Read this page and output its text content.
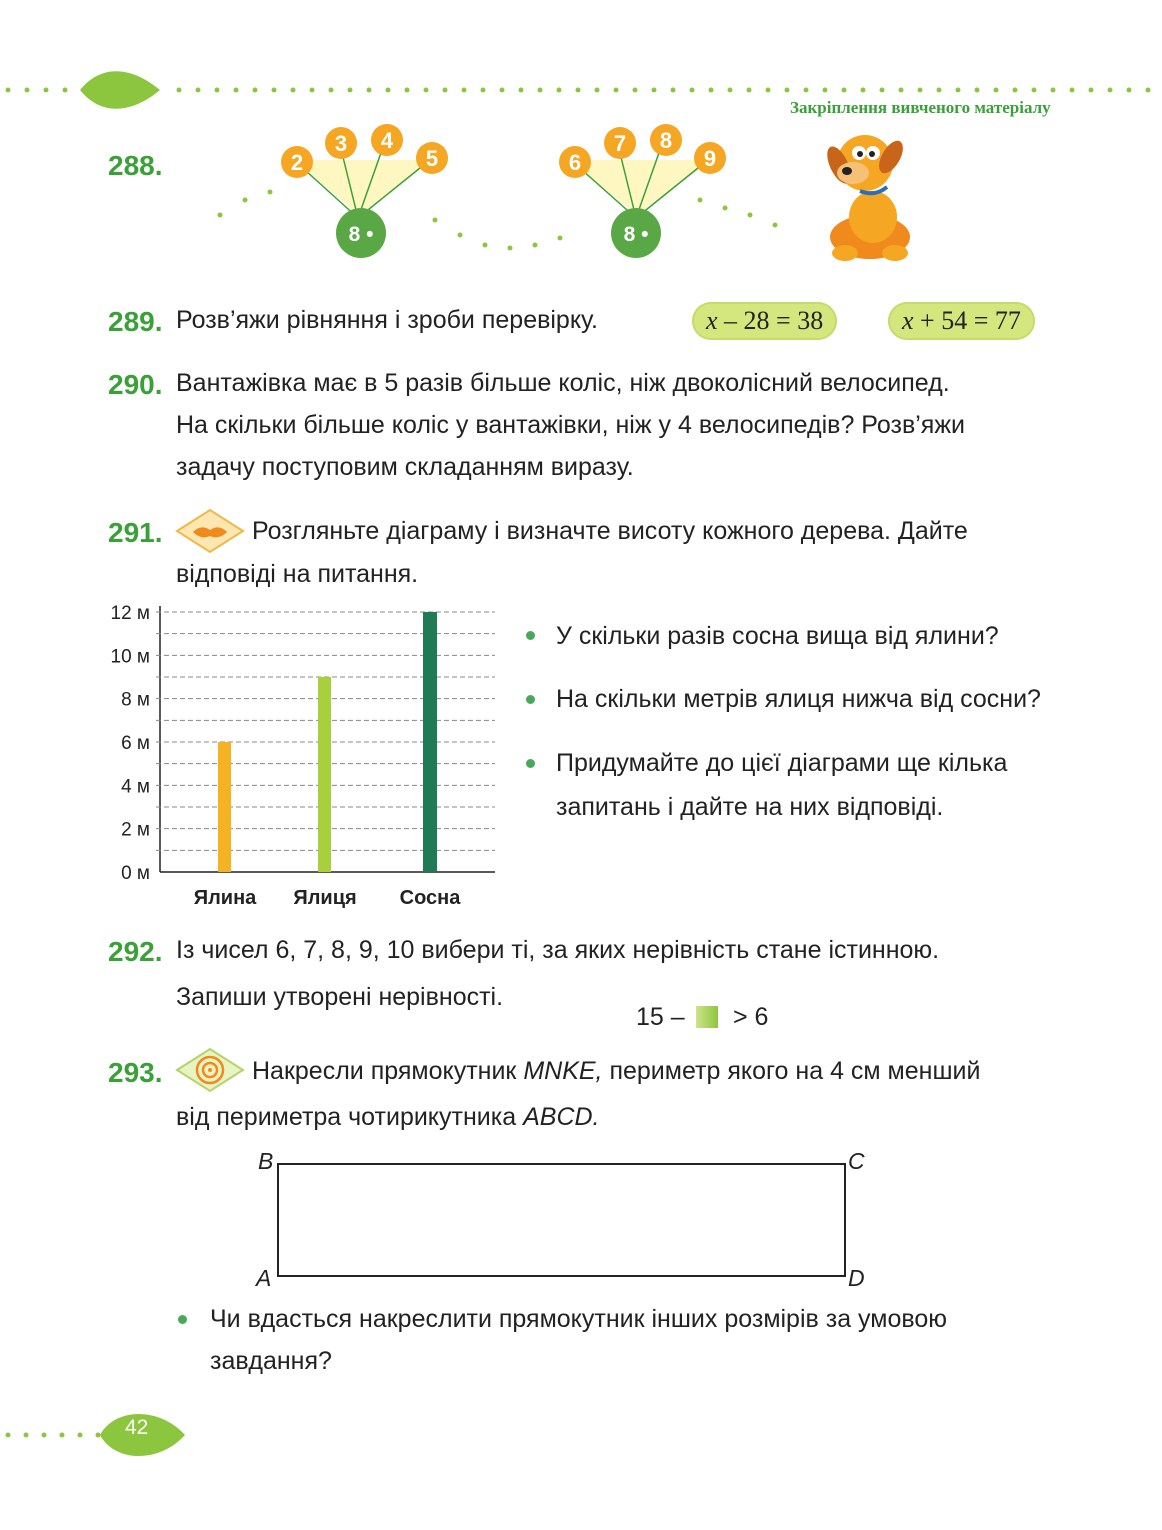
Закріплення вивченого матеріалу
288.	2
3 4
5
8 •
6
7 8
9
8 •
289. Розв’яжи рівняння і зроби перевірку.	x – 28 = 38	x + 54 = 77
290. Вантажівка має в 5 разів більше коліс, ніж двоколісний велосипед.
На скільки більше коліс у вантажівки, ніж у 4 велосипедів? Розв’яжи
задачу поступовим складанням виразу.
291.	Розгляньте діаграму і визначте висоту кожного дерева. Дайте
відповіді на питання.
0 м
2 м
4 м
6 м
8 м
10 м
12 м
Ялина Ялиця Сосна
У скільки разів сосна вища від ялини?
На скільки метрів ялиця нижча від сосни?
Придумайте до цієї діаграми ще кілька
запитань і дайте на них відповіді.
292. Із чисел 6, 7, 8, 9, 10 вибери ті, за яких нерівність стане істинною.
Запиши утворені нерівності.
15 – > 6
293.	Накресли прямокутник MNKE, периметр якого на 4 см менший
від периметра чотирикутника ABCD.
B	C
A	D
Чи вдасться накреслити прямокутник інших розмірів за умовою
завдання?
42
